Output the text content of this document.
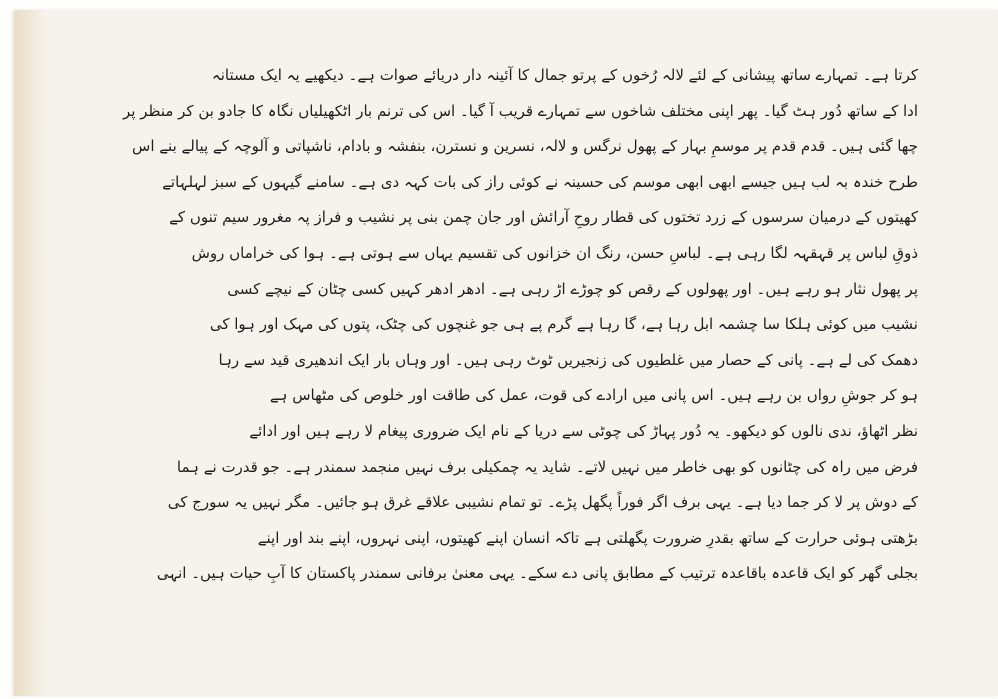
کرتا ہے۔ تمہارے ساتھ پیشانی کے لئے لالہ رُخوں کے پرتو جمال کا آئینہ دار دریائے صوات ہے۔ دیکھیے یہ ایک مستانہ
ادا کے ساتھ دُور ہٹ گیا۔ پھر اپنی مختلف شاخوں سے تمہارے قریب آ گیا۔ اس کی ترنم بار اٹکھیلیاں نگاہ کا جادو بن کر منظر پر
چھا گئی ہیں۔ قدم قدم پر موسمِ بہار کے پھول نرگس و لالہ، نسرین و نسترن، بنفشہ و بادام، ناشپاتی و آلوچہ کے پیالے بنے اس
طرح خندہ بہ لب ہیں جیسے ابھی ابھی موسم کی حسینہ نے کوئی راز کی بات کہہ دی ہے۔ سامنے گیہوں کے سبز لہلہاتے
کھیتوں کے درمیان سرسوں کے زرد تختوں کی قطار روحِ آرائش اور جان چمن بنی پر نشیب و فراز پہ مغرور سیم تنوں کے
ذوقِ لباس پر قہقہہ لگا رہی ہے۔ لباسِ حسن، رنگ ان خزانوں کی تقسیم یہاں سے ہوتی ہے۔ ہوا کی خراماں روش
پر پھول نثار ہو رہے ہیں۔ اور پھولوں کے رقص کو چوڑے اڑ رہی ہے۔ ادھر ادھر کہیں کسی چٹان کے نیچے کسی
نشیب میں کوئی ہلکا سا چشمہ ابل رہا ہے، گا رہا ہے گرم پے ہی جو غنچوں کی چٹک، پتوں کی مہک اور ہوا کی
دھمک کی لے ہے۔ پانی کے حصار میں غلطیوں کی زنجیریں ٹوٹ رہی ہیں۔ اور وہاں بار ایک اندھیری قید سے رہا
ہو کر جوشِ رواں بن رہے ہیں۔ اس پانی میں ارادے کی قوت، عمل کی طاقت اور خلوص کی مٹھاس ہے
نظر اٹھاؤ، ندی نالوں کو دیکھو۔ یہ دُور پہاڑ کی چوٹی سے دریا کے نام ایک ضروری پیغام لا رہے ہیں اور ادائے
فرض میں راہ کی چٹانوں کو بھی خاطر میں نہیں لاتے۔ شاید یہ چمکیلی برف نہیں منجمد سمندر ہے۔ جو قدرت نے ہما
کے دوش پر لا کر جما دیا ہے۔ یہی برف اگر فوراً پگھل پڑے۔ تو تمام نشیبی علاقے غرق ہو جائیں۔ مگر نہیں یہ سورج کی
بڑھتی ہوئی حرارت کے ساتھ بقدرِ ضرورت پگھلتی ہے تاکہ انسان اپنے کھیتوں، اپنی نہروں، اپنے بند اور اپنے
بجلی گھر کو ایک قاعدہ باقاعدہ ترتیب کے مطابق پانی دے سکے۔ یہی معنیٰ برفانی سمندر پاکستان کا آبِ حیات ہیں۔ انہی
